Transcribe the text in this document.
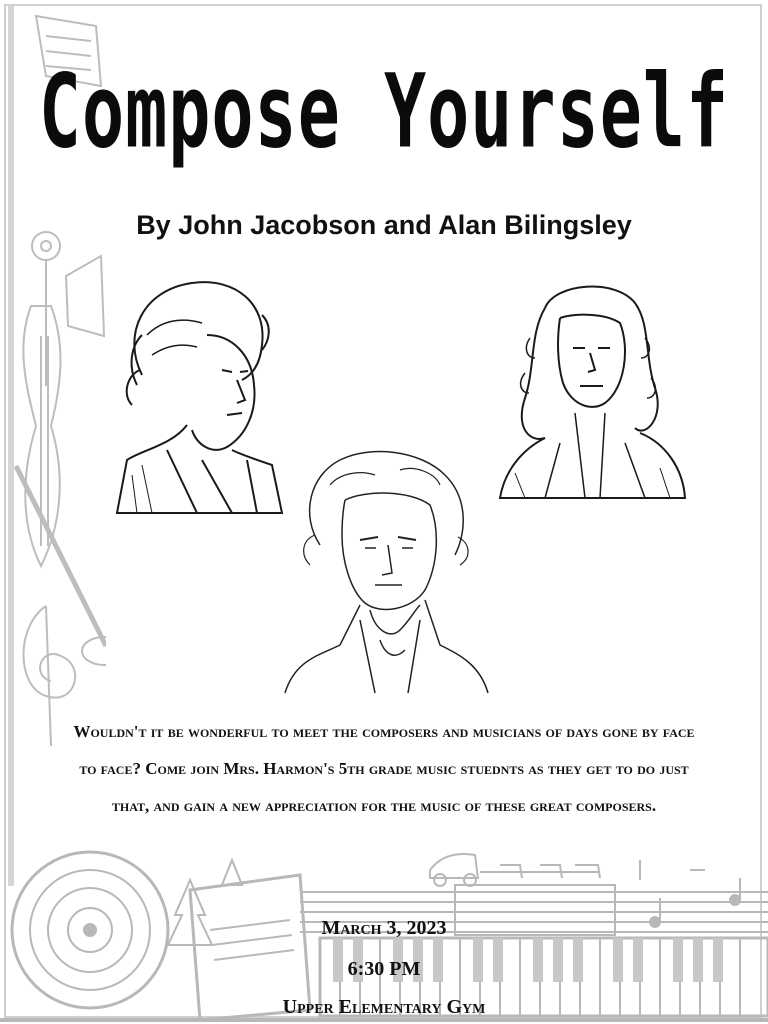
Compose Yourself
By John Jacobson and Alan Bilingsley
Wouldn't it be wonderful to meet the composers and musicians of days gone by face
to face? Come join Mrs. Harmon's 5th grade music stuednts as they get to do just
that, and gain a new appreciation for the music of these great composers.
March 3, 2023
6:30 PM
Upper Elementary Gym
